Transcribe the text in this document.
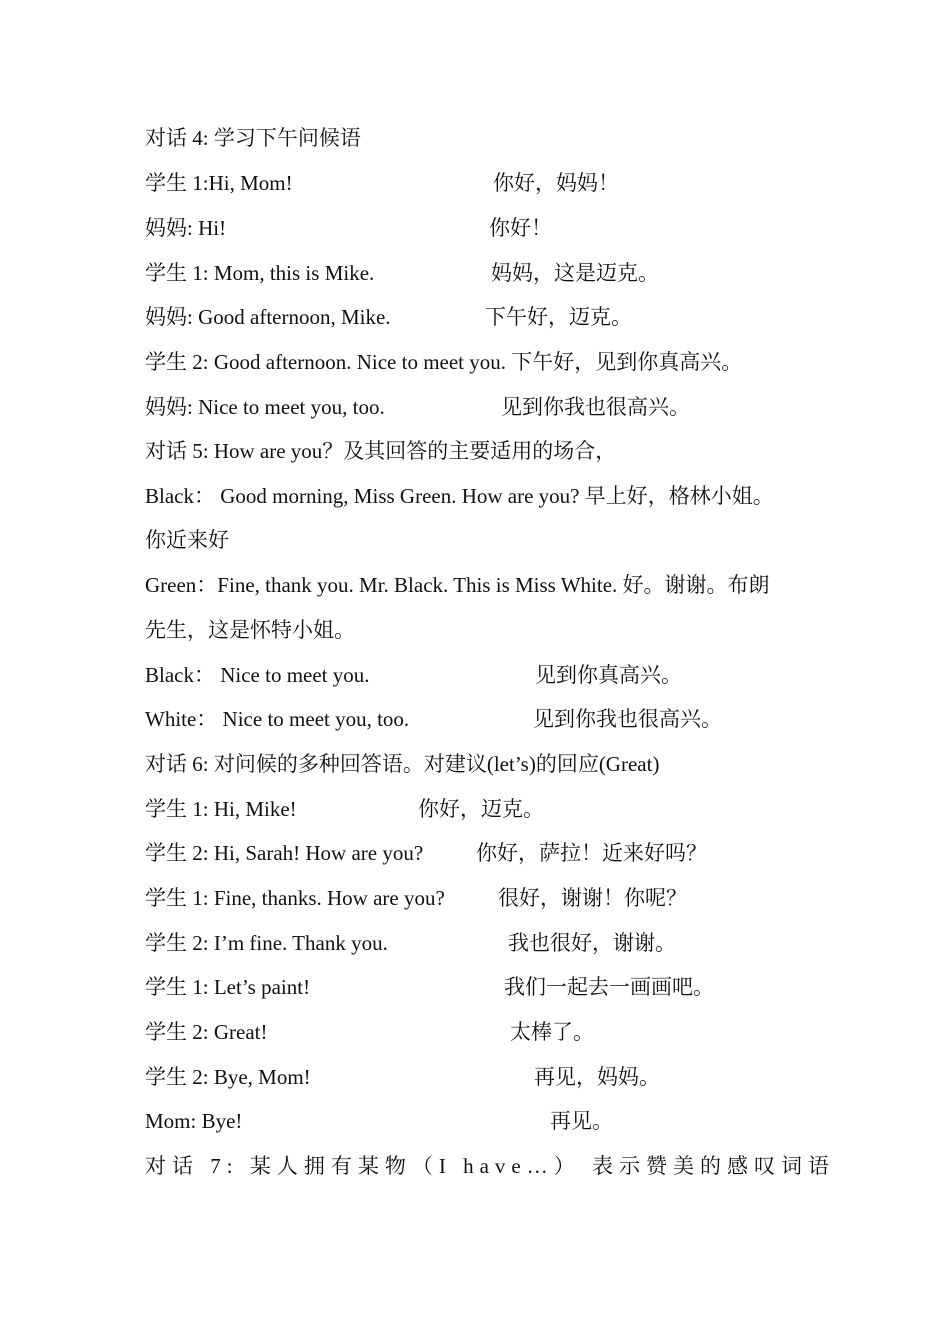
对话 4: 学习下午问候语
学生 1:Hi, Mom!	你好，妈妈！
妈妈: Hi!	你好！
学生 1: Mom, this is Mike.	妈妈，这是迈克。
妈妈: Good afternoon, Mike.	下午好，迈克。
学生 2: Good afternoon. Nice to meet you. 下午好，见到你真高兴。
妈妈: Nice to meet you, too.	见到你我也很高兴。
对话 5: How are you？及其回答的主要适用的场合，
Black： Good morning, Miss Green. How are you? 早上好，格林小姐。
你近来好
Green：Fine, thank you. Mr. Black. This is Miss White. 好。谢谢。布朗
先生，这是怀特小姐。
Black： Nice to meet you.	见到你真高兴。
White： Nice to meet you, too.	见到你我也很高兴。
对话 6: 对问候的多种回答语。对建议(let’s)的回应(Great)
学生 1: Hi, Mike!	你好，迈克。
学生 2: Hi, Sarah! How are you?	你好，萨拉！近来好吗？
学生 1: Fine, thanks. How are you?	很好，谢谢！你呢？
学生 2: I’m fine. Thank you.	我也很好，谢谢。
学生 1: Let’s paint!	我们一起去一画画吧。
学生 2: Great!	太棒了。
学生 2: Bye, Mom!	再见，妈妈。
Mom: Bye!	再见。
对话 7: 某人拥有某物（I have…） 表示赞美的感叹词语
